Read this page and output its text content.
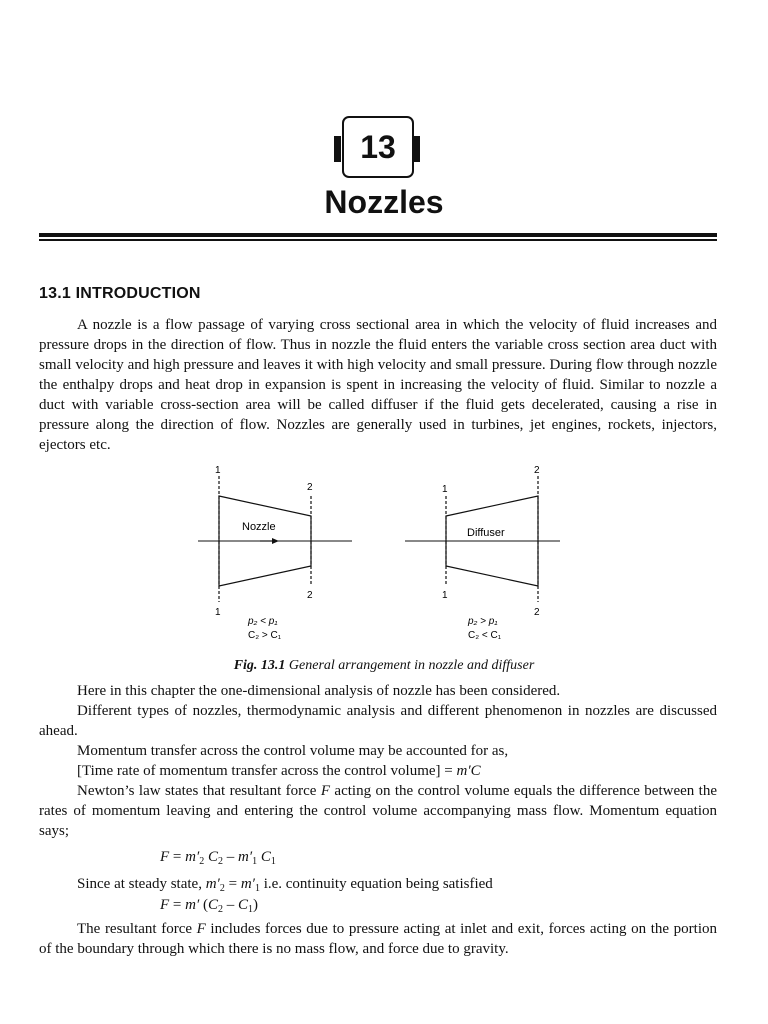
13
Nozzles
13.1 INTRODUCTION
A nozzle is a flow passage of varying cross sectional area in which the velocity of fluid increases and pressure drops in the direction of flow. Thus in nozzle the fluid enters the variable cross section area duct with small velocity and high pressure and leaves it with high velocity and small pressure. During flow through nozzle the enthalpy drops and heat drop in expansion is spent in increasing the velocity of fluid. Similar to nozzle a duct with variable cross-section area will be called diffuser if the fluid gets decelerated, causing a rise in pressure along the direction of flow. Nozzles are generally used in turbines, jet engines, rockets, injectors, ejectors etc.
Nozzle
1
1
2
2
p₂ < p₁
C₂ > C₁
Diffuser
1
1
2
2
p₂ > p₁
C₂ < C₁
Fig. 13.1 General arrangement in nozzle and diffuser
Here in this chapter the one-dimensional analysis of nozzle has been considered.
Different types of nozzles, thermodynamic analysis and different phenomenon in nozzles are discussed ahead.
Momentum transfer across the control volume may be accounted for as,
[Time rate of momentum transfer across the control volume] = m′C
Newton’s law states that resultant force F acting on the control volume equals the difference between the rates of momentum leaving and entering the control volume accompanying mass flow. Momentum equation says;
$F = m'_2$ $C_2 - m'_1$ $C_1$
Since at steady state, $m'_2 = m'_1$ i.e. continuity equation being satisfied
F = m′ $(C_2 - C_1)$
The resultant force F includes forces due to pressure acting at inlet and exit, forces acting on the portion of the boundary through which there is no mass flow, and force due to gravity.
